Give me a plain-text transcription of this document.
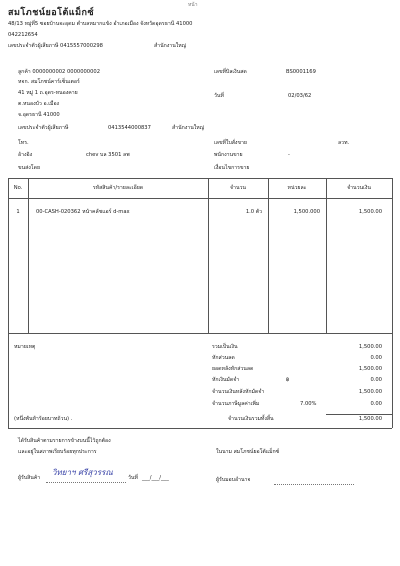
หน้า
สมโภชน์ยอโต้แม็กซ์
48/13 หมู่ที่5 ซอยบ้านจะอุดม ตำบลหมากแข้ง อำเภอเมือง จังหวัดอุดรธานี 41000
042212654
เลขประจำตัวผู้เสียภาษี 0415557000298	สำนักงานใหญ่
ลูกค้า 0000000002 0000000002
หจก. สมโภชน์คาร์เซ็นเตอร์
41 หมู่ 1 ถ.อุดร-หนองคาย
ต.หนองบัว อ.เมือง
จ.อุดรธานี 41000
เลขประจำตัวผู้เสียภาษี	0413544000837	สำนักงานใหญ่
โทร.
อ้างอิง	chev บล 3501 ลพ
ขนส่งโดย
เลขที่บิลเงินสด	BS0001169
วันที่	02/03/62
เลขที่ใบสั่งขาย	ลวท.
พนักงานขาย	-
เงื่อนไขการขาย
No.	รหัสสินค้า/รายละเอียด	จำนวน	หน่วยละ	จำนวนเงิน
1	00-CASH-020362 หน้าคลัชแอร์ d-max	1.0 ตัว	1,500.000	1,500.00
หมายเหตุ	รวมเป็นเงิน	1,500.00
หักส่วนลด	0.00
ยอดหลังหักส่วนลด	1,500.00
หักเงินมัดจำ	฿	0.00
จำนวนเงินหลังหักมัดจำ	1,500.00
จำนวนภาษีมูลค่าเพิ่ม	7.00%	0.00
(หนึ่งพันห้าร้อยบาทถ้วน) .	จำนวนเงินรวมทั้งสิ้น	1,500.00
ได้รับสินค้าตามรายการข้างบนนี้ไว้ถูกต้อง
และอยู่ในสภาพเรียบร้อยทุกประการ	ในนาม สมโภชน์ยอโต้แม็กซ์
ผู้รับสินค้า
วิทยาฯ ศรีสุวรรณ
วันที่ ___/___/___	ผู้รับมอบอำนาจ
